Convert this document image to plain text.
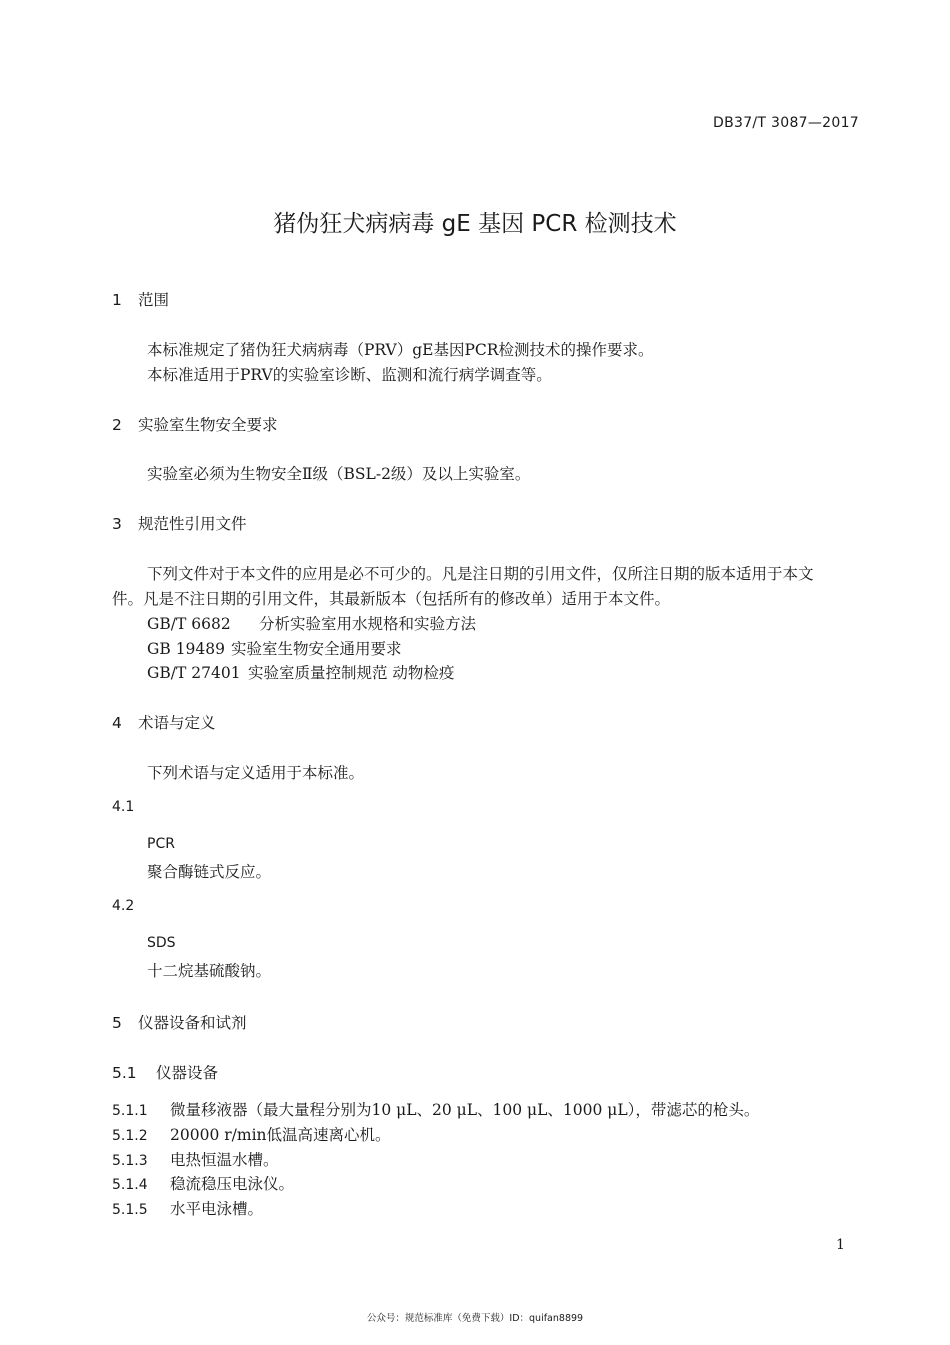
DB37/T 3087—2017
猪伪狂犬病病毒 gE 基因 PCR 检测技术
1 范围
本标准规定了猪伪狂犬病病毒（PRV）gE基因PCR检测技术的操作要求。
本标准适用于PRV的实验室诊断、监测和流行病学调查等。
2 实验室生物安全要求
实验室必须为生物安全Ⅱ级（BSL-2级）及以上实验室。
3 规范性引用文件
下列文件对于本文件的应用是必不可少的。凡是注日期的引用文件，仅所注日期的版本适用于本文
件。凡是不注日期的引用文件，其最新版本（包括所有的修改单）适用于本文件。
GB/T 6682 分析实验室用水规格和实验方法
GB 19489 实验室生物安全通用要求
GB/T 27401 实验室质量控制规范 动物检疫
4 术语与定义
下列术语与定义适用于本标准。
4.1
PCR
聚合酶链式反应。
4.2
SDS
十二烷基硫酸钠。
5 仪器设备和试剂
5.1 仪器设备
5.1.1 微量移液器（最大量程分别为10 μL、20 μL、100 μL、1000 μL），带滤芯的枪头。
5.1.2 20000 r/min低温高速离心机。
5.1.3 电热恒温水槽。
5.1.4 稳流稳压电泳仪。
5.1.5 水平电泳槽。
1
公众号：规范标准库（免费下载）ID：quifan8899
